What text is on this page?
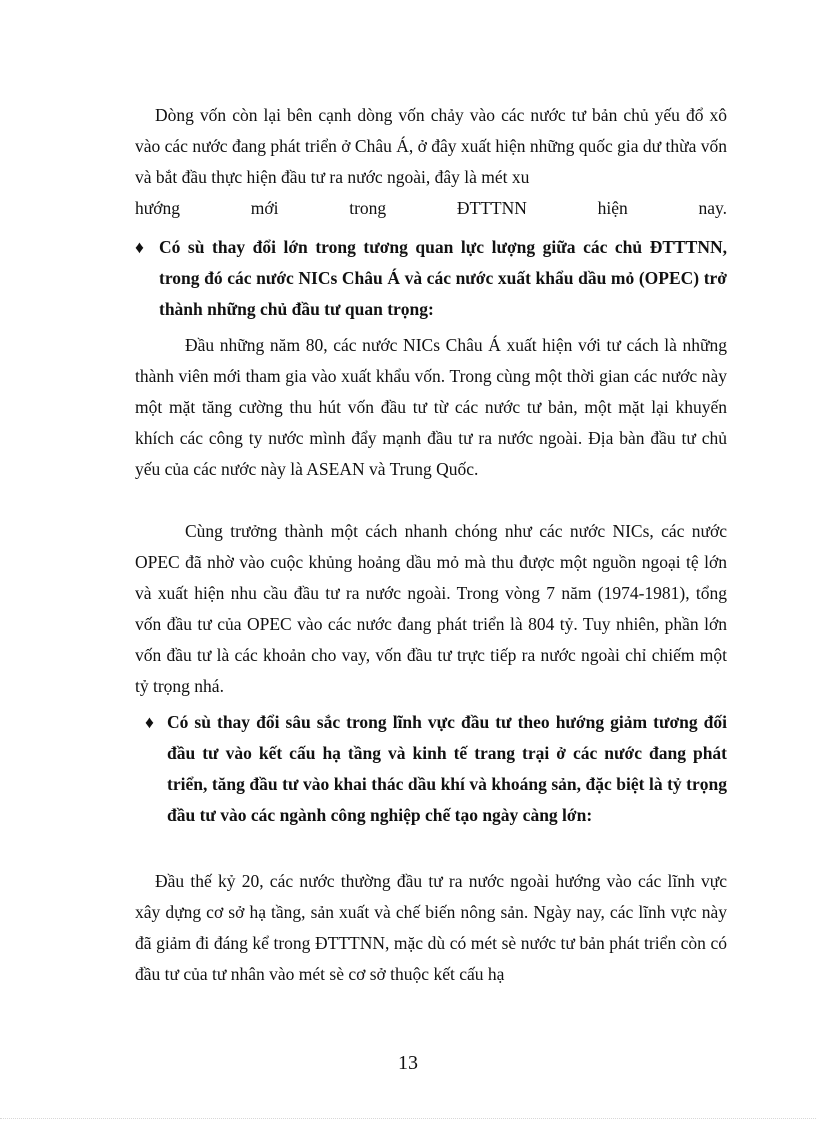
Dòng vốn còn lại bên cạnh dòng vốn chảy vào các nước tư bản chủ yếu đổ xô vào các nước đang phát triển ở Châu Á, ở đây xuất hiện những quốc gia dư thừa vốn và bắt đầu thực hiện đầu tư ra nước ngoài, đây là mét xu
hướng mới trong ĐTTTNN hiện nay.
♦ Có sù thay đổi lớn trong tương quan lực lượng giữa các chủ ĐTTTNN, trong đó các nước NICs Châu Á và các nước xuất khẩu dầu mỏ (OPEC) trở thành những chủ đầu tư quan trọng:
Đầu những năm 80, các nước NICs Châu Á xuất hiện với tư cách là những thành viên mới tham gia vào xuất khẩu vốn. Trong cùng một thời gian các nước này một mặt tăng cường thu hút vốn đầu tư từ các nước tư bản, một mặt lại khuyến khích các công ty nước mình đẩy mạnh đầu tư ra nước ngoài. Địa bàn đầu tư chủ yếu của các nước này là ASEAN và Trung Quốc.
Cùng trưởng thành một cách nhanh chóng như các nước NICs, các nước OPEC đã nhờ vào cuộc khủng hoảng dầu mỏ mà thu được một nguồn ngoại tệ lớn và xuất hiện nhu cầu đầu tư ra nước ngoài. Trong vòng 7 năm (1974-1981), tổng vốn đầu tư của OPEC vào các nước đang phát triển là 804 tỷ. Tuy nhiên, phần lớn vốn đầu tư là các khoản cho vay, vốn đầu tư trực tiếp ra nước ngoài chỉ chiếm một tỷ trọng nhá.
♦ Có sù thay đổi sâu sắc trong lĩnh vực đầu tư theo hướng giảm tương đối đầu tư vào kết cấu hạ tầng và kinh tế trang trại ở các nước đang phát triển, tăng đầu tư vào khai thác dầu khí và khoáng sản, đặc biệt là tỷ trọng đầu tư vào các ngành công nghiệp chế tạo ngày càng lớn:
Đầu thế kỷ 20, các nước thường đầu tư ra nước ngoài hướng vào các lĩnh vực xây dựng cơ sở hạ tầng, sản xuất và chế biến nông sản. Ngày nay, các lĩnh vực này đã giảm đi đáng kể trong ĐTTTNN, mặc dù có mét sè nước tư bản phát triển còn có đầu tư của tư nhân vào mét sè cơ sở thuộc kết cấu hạ
13
